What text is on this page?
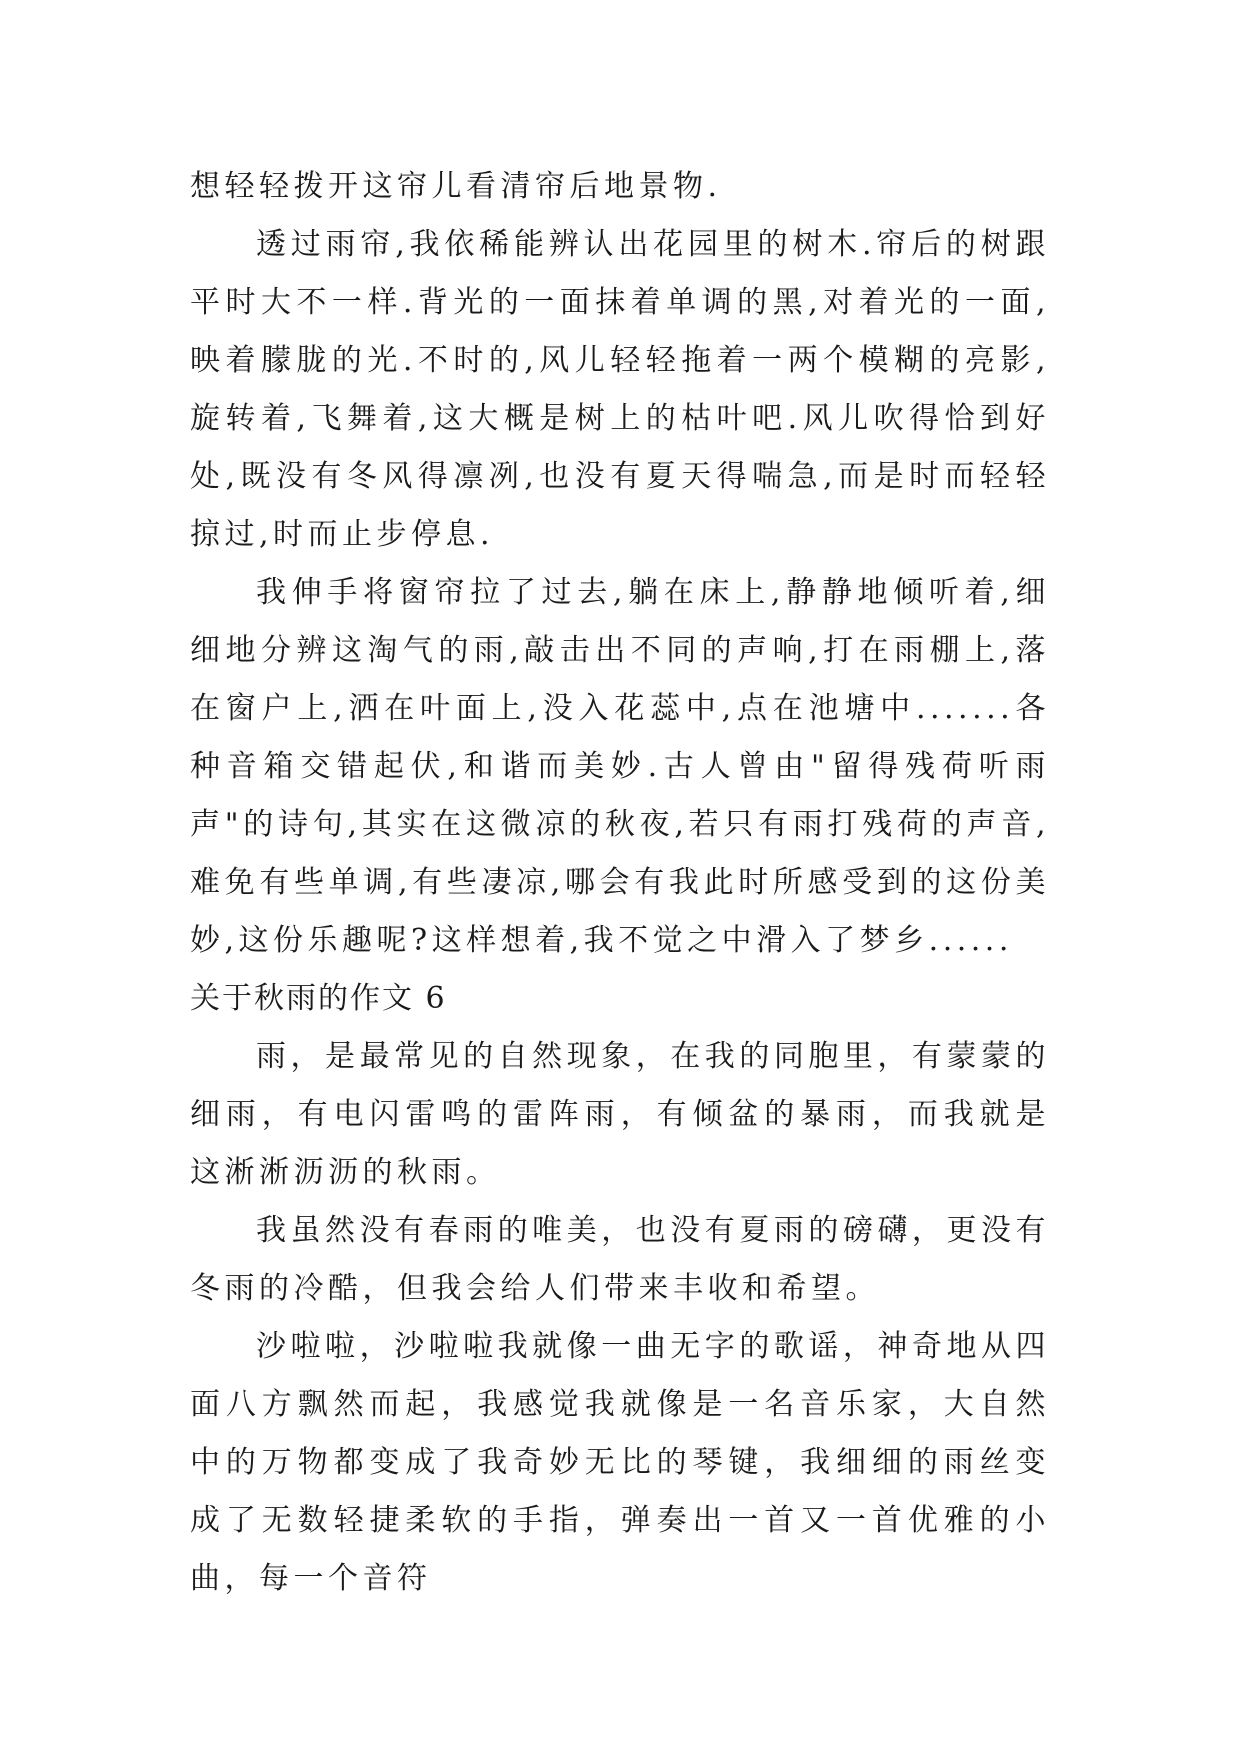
想轻轻拨开这帘儿看清帘后地景物.

透过雨帘,我依稀能辨认出花园里的树木.帘后的树跟平时大不一样.背光的一面抹着单调的黑,对着光的一面,映着朦胧的光.不时的,风儿轻轻拖着一两个模糊的亮影,旋转着,飞舞着,这大概是树上的枯叶吧.风儿吹得恰到好处,既没有冬风得凛冽,也没有夏天得喘急,而是时而轻轻掠过,时而止步停息.

我伸手将窗帘拉了过去,躺在床上,静静地倾听着,细细地分辨这淘气的雨,敲击出不同的声响,打在雨棚上,落在窗户上,洒在叶面上,没入花蕊中,点在池塘中.......各种音箱交错起伏,和谐而美妙.古人曾由"留得残荷听雨声"的诗句,其实在这微凉的秋夜,若只有雨打残荷的声音,难免有些单调,有些凄凉,哪会有我此时所感受到的这份美妙,这份乐趣呢?这样想着,我不觉之中滑入了梦乡......

关于秋雨的作文 6

雨，是最常见的自然现象，在我的同胞里，有蒙蒙的细雨，有电闪雷鸣的雷阵雨，有倾盆的暴雨，而我就是这淅淅沥沥的秋雨。

我虽然没有春雨的唯美，也没有夏雨的磅礴，更没有冬雨的冷酷，但我会给人们带来丰收和希望。

沙啦啦，沙啦啦我就像一曲无字的歌谣，神奇地从四面八方飘然而起，我感觉我就像是一名音乐家，大自然中的万物都变成了我奇妙无比的琴键，我细细的雨丝变成了无数轻捷柔软的手指，弹奏出一首又一首优雅的小曲，每一个音符
